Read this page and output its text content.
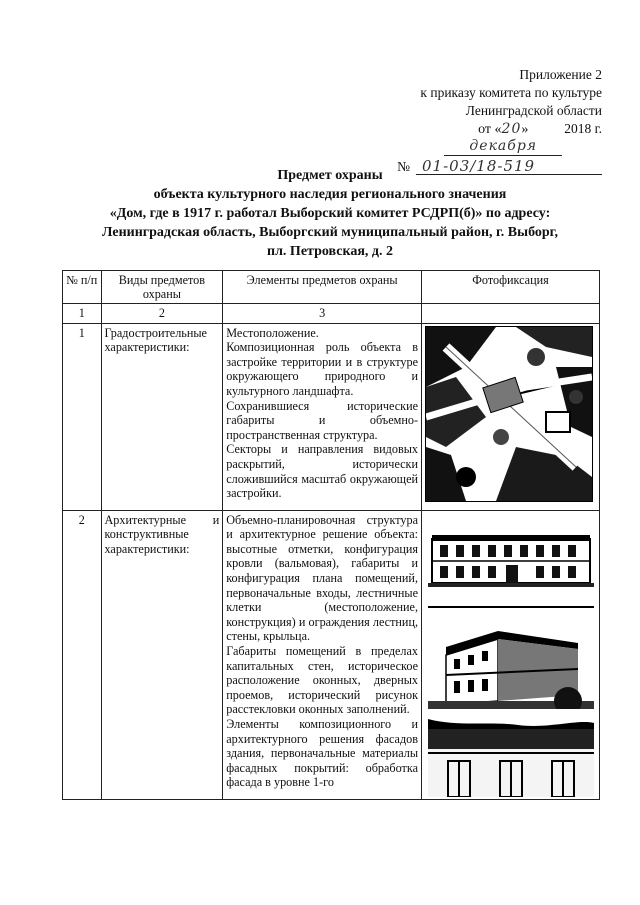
Приложение 2
к приказу комитета по культуре
Ленинградской области
от «20» декабря
2018 г.
№ 01-03/18-519
Предмет охраны
объекта культурного наследия регионального значения
«Дом, где в 1917 г. работал Выборский комитет РСДРП(б)» по адресу:
Ленинградская область, Выборгский муниципальный район, г. Выборг,
пл. Петровская, д. 2
№ п/п	Виды предметов охраны	Элементы предметов охраны	Фотофиксация
1	2	3	
1	Градостроительные характеристики:	Местоположение.

Композиционная роль объекта в застройке территории и в структуре окружающего природного и культурного ландшафта.

Сохранившиеся исторические габариты и объемно-пространственная структура.

Секторы и направления видовых раскрытий, исторически сложившийся масштаб окружающей застройки.

2	Архитектурные и конструктивные характеристики:	Объемно-планировочная структура и архитектурное решение объекта: высотные отметки, конфигурация кровли (вальмовая), габариты и конфигурация плана помещений, первоначальные входы, лестничные клетки (местоположение, конструкция) и ограждения лестниц, стены, крыльца.

Габариты помещений в пределах капитальных стен, историческое расположение оконных, дверных проемов, исторический рисунок расстекловки оконных заполнений.

Элементы композиционного и архитектурного решения фасадов здания, первоначальные материалы фасадных покрытий: обработка фасада в уровне 1-го
